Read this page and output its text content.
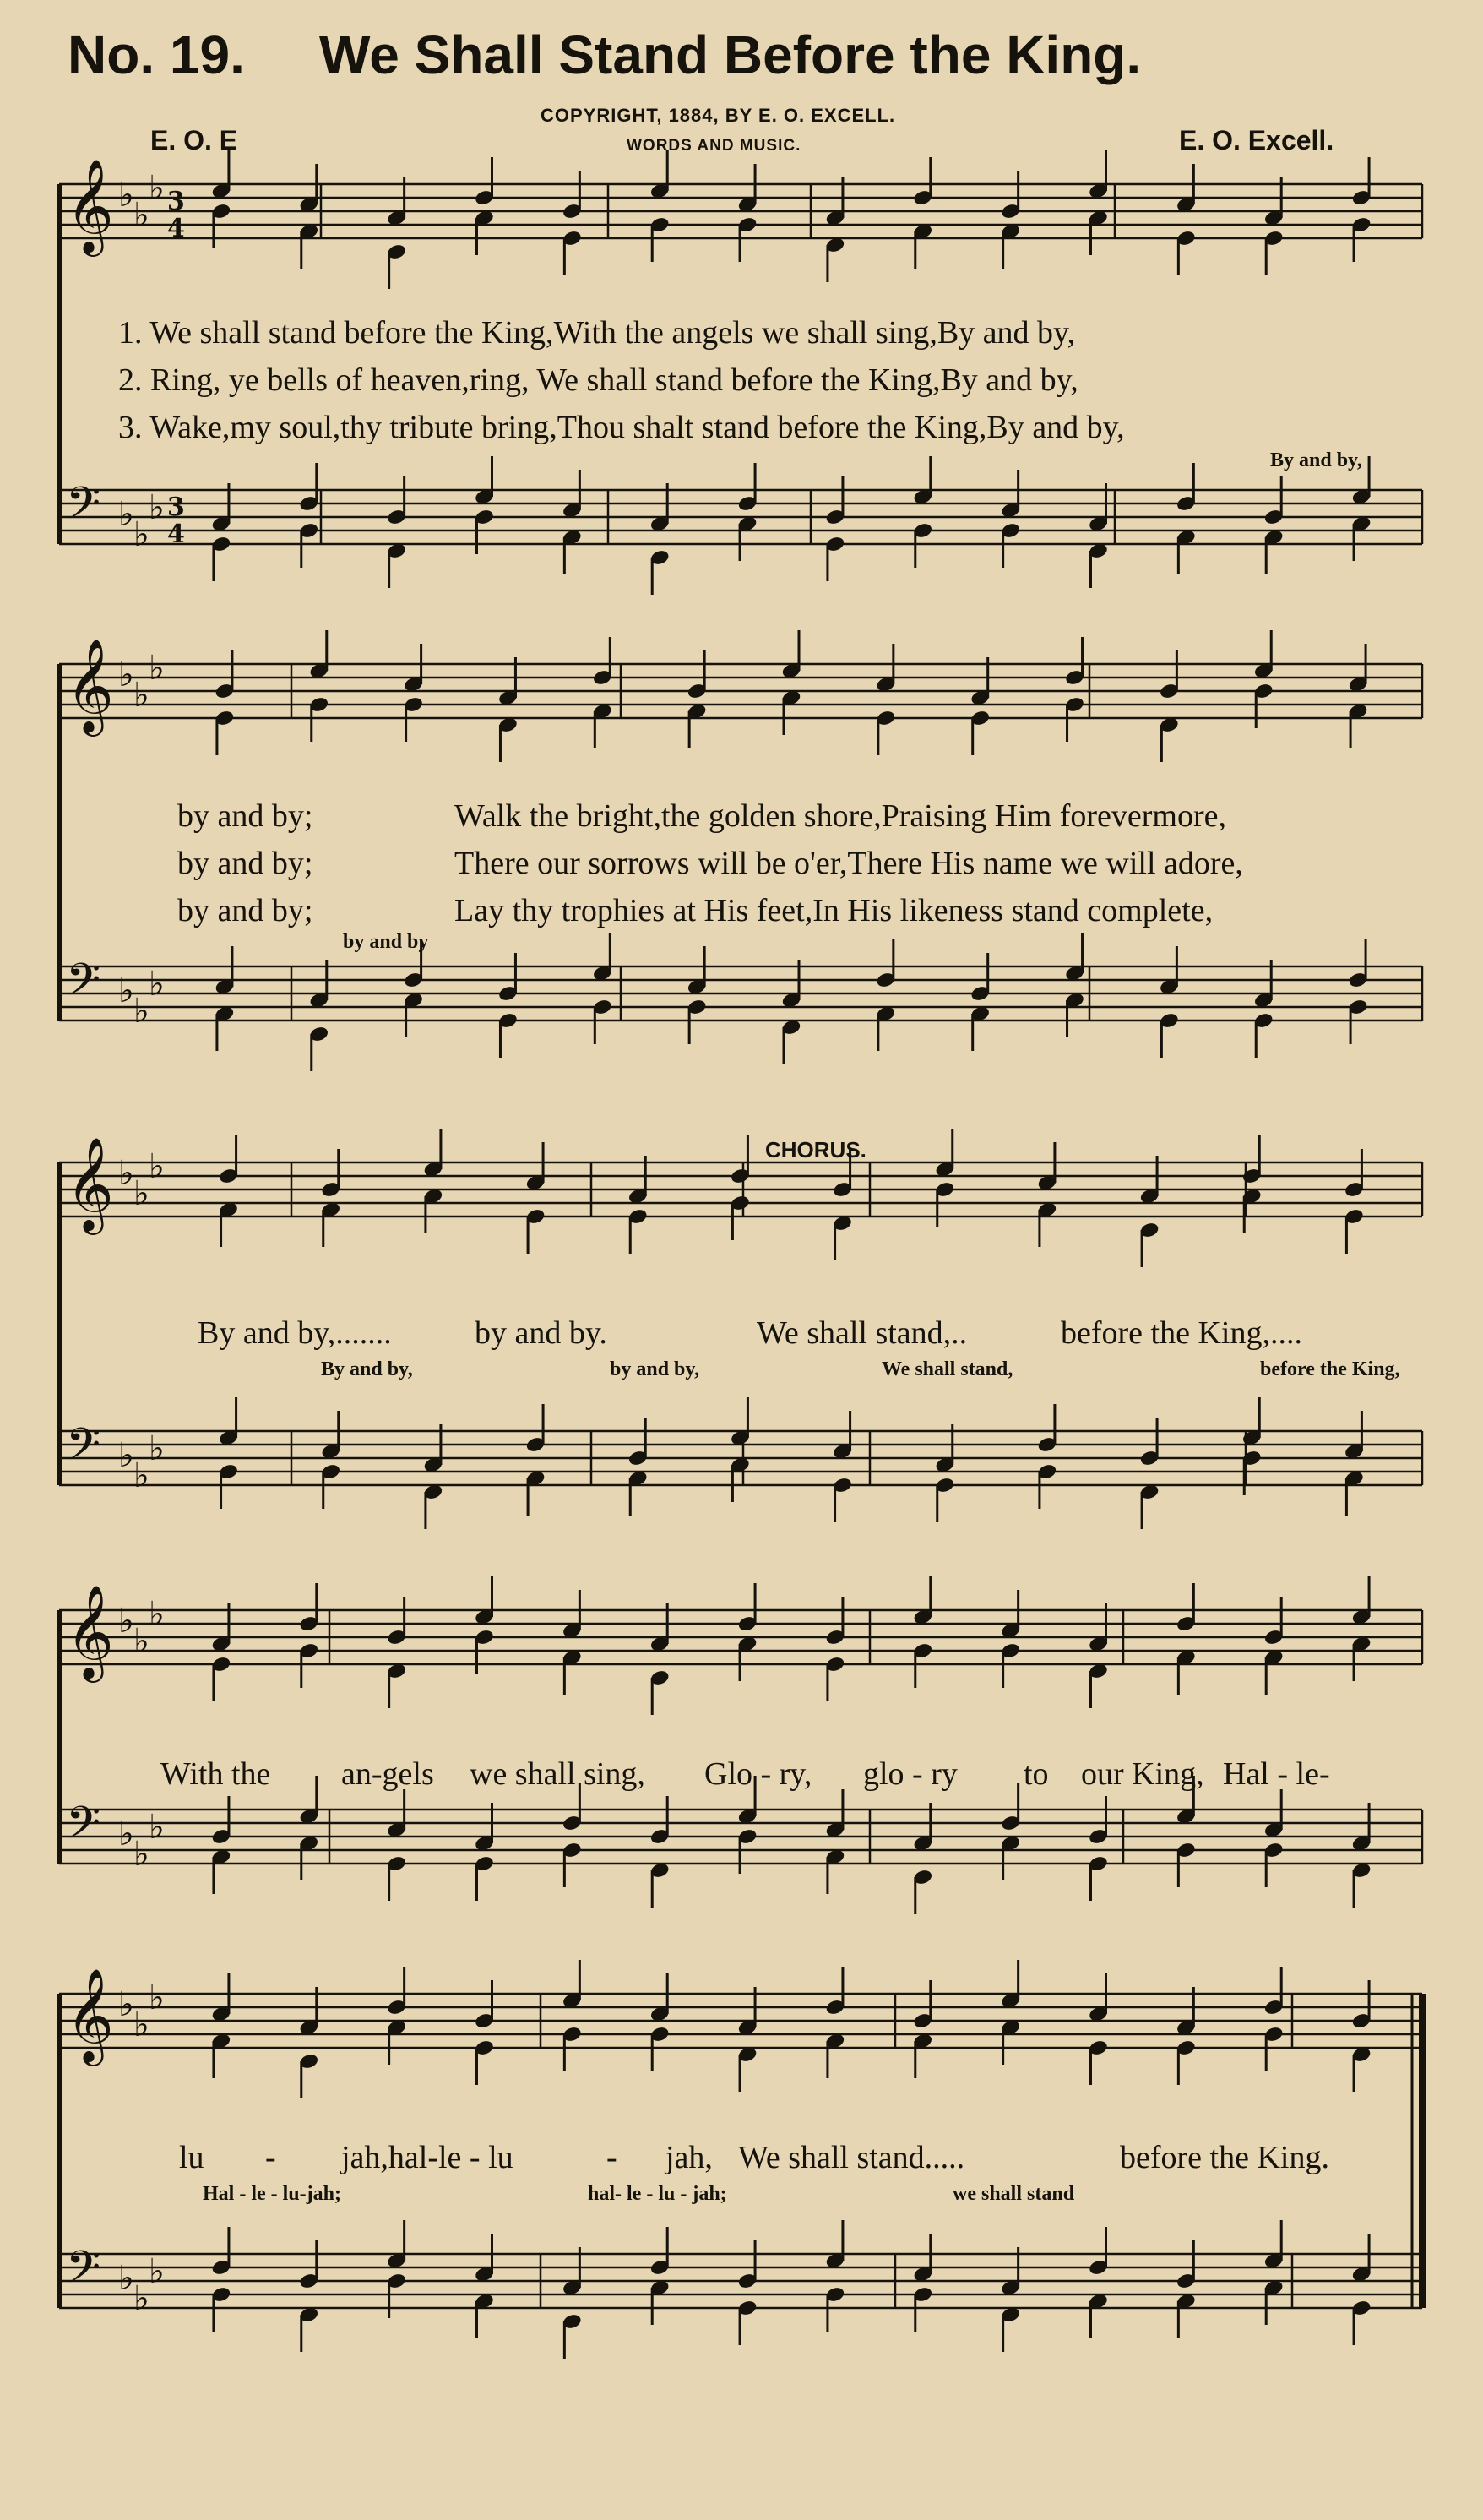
No. 19. We Shall Stand Before the King.
COPYRIGHT, 1884, BY E. O. EXCELL.
WORDS AND MUSIC.
E. O. E	E. O. Excell.
𝄞 ♭
♭
♭
𝄢 ♭
♭
♭
𝄞 ♭
♭
♭
𝄢 ♭
♭
♭
𝄞 ♭
♭
♭
𝄢 ♭
♭
♭
𝄞 ♭
♭
♭
𝄢 ♭
♭
♭
𝄞 ♭
♭
♭
𝄢 ♭
♭
♭
3
4
3
4
1. We shall stand before the King,With the angels we shall sing,By and by,
2. Ring, ye bells of heaven,ring, We shall stand before the King,By and by,
3. Wake,my soul,thy tribute bring,Thou shalt stand before the King,By and by,
By and by,
by and by;
by and by;
by and by;
Walk the bright,the golden shore,Praising Him forevermore,
There our sorrows will be o'er,There His name we will adore,
Lay thy trophies at His feet,In His likeness stand complete,
by and by
CHORUS.
By and by,.......	by and by.	We shall stand,..	before the King,....
By and by,	by and by,	We shall stand,	before the King,
With the an-gels we shall sing, Glo - ry, glo - ry to our King, Hal - le-
lu - jah,hal-le - lu	- jah, We shall stand.....	before the King.
Hal - le - lu-jah;	hal- le - lu - jah;	we shall stand
